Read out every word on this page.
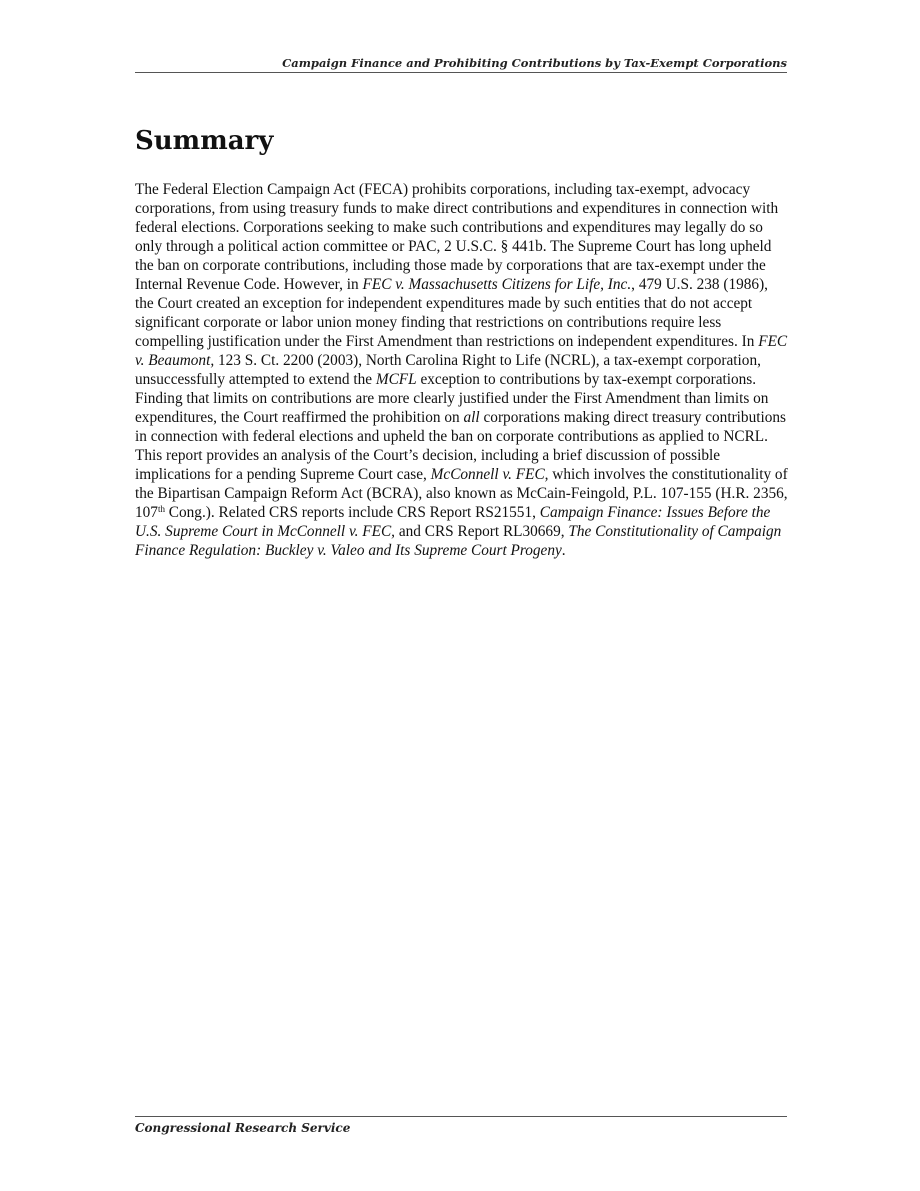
Campaign Finance and Prohibiting Contributions by Tax-Exempt Corporations
Summary

The Federal Election Campaign Act (FECA) prohibits corporations, including tax-exempt, advocacy corporations, from using treasury funds to make direct contributions and expenditures in connection with federal elections. Corporations seeking to make such contributions and expenditures may legally do so only through a political action committee or PAC, 2 U.S.C. § 441b. The Supreme Court has long upheld the ban on corporate contributions, including those made by corporations that are tax-exempt under the Internal Revenue Code. However, in FEC v. Massachusetts Citizens for Life, Inc., 479 U.S. 238 (1986), the Court created an exception for independent expenditures made by such entities that do not accept significant corporate or labor union money finding that restrictions on contributions require less compelling justification under the First Amendment than restrictions on independent expenditures. In FEC v. Beaumont, 123 S. Ct. 2200 (2003), North Carolina Right to Life (NCRL), a tax-exempt corporation, unsuccessfully attempted to extend the MCFL exception to contributions by tax-exempt corporations. Finding that limits on contributions are more clearly justified under the First Amendment than limits on expenditures, the Court reaffirmed the prohibition on all corporations making direct treasury contributions in connection with federal elections and upheld the ban on corporate contributions as applied to NCRL. This report provides an analysis of the Court’s decision, including a brief discussion of possible implications for a pending Supreme Court case, McConnell v. FEC, which involves the constitutionality of the Bipartisan Campaign Reform Act (BCRA), also known as McCain-Feingold, P.L. 107-155 (H.R. 2356, 107th Cong.). Related CRS reports include CRS Report RS21551, Campaign Finance: Issues Before the U.S. Supreme Court in McConnell v. FEC, and CRS Report RL30669, The Constitutionality of Campaign Finance Regulation: Buckley v. Valeo and Its Supreme Court Progeny.

Congressional Research Service
